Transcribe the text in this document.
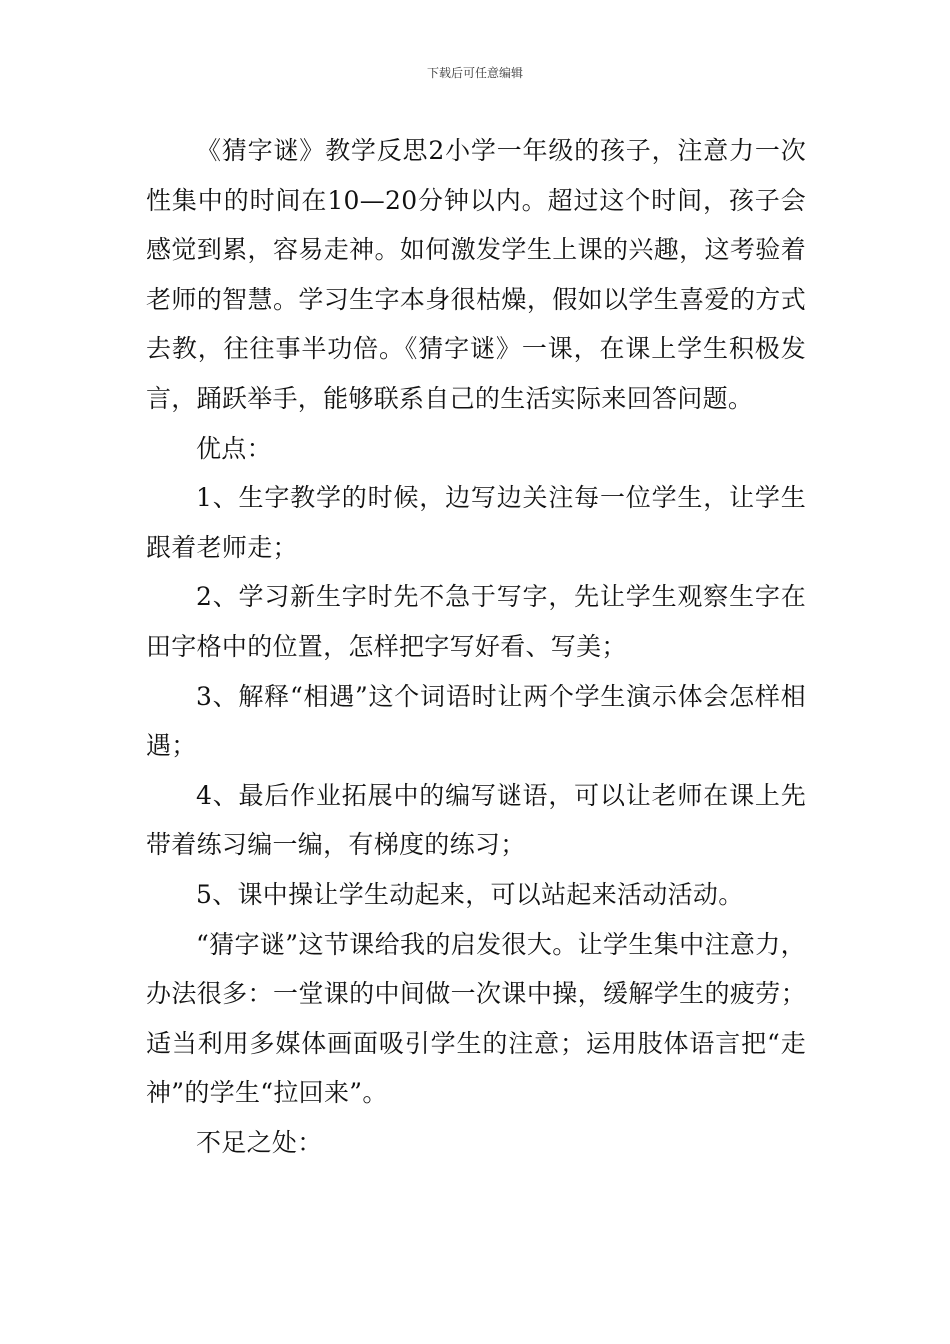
下载后可任意编辑

《猜字谜》教学反思2小学一年级的孩子，注意力一次性集中的时间在10—20分钟以内。超过这个时间，孩子会感觉到累，容易走神。如何激发学生上课的兴趣，这考验着老师的智慧。学习生字本身很枯燥，假如以学生喜爱的方式去教，往往事半功倍。《猜字谜》一课，在课上学生积极发言，踊跃举手，能够联系自己的生活实际来回答问题。

优点：

1、生字教学的时候，边写边关注每一位学生，让学生跟着老师走；

2、学习新生字时先不急于写字，先让学生观察生字在田字格中的位置，怎样把字写好看、写美；

3、解释“相遇”这个词语时让两个学生演示体会怎样相遇；

4、最后作业拓展中的编写谜语，可以让老师在课上先带着练习编一编，有梯度的练习；

5、课中操让学生动起来，可以站起来活动活动。

“猜字谜”这节课给我的启发很大。让学生集中注意力，办法很多：一堂课的中间做一次课中操，缓解学生的疲劳；适当利用多媒体画面吸引学生的注意；运用肢体语言把“走神”的学生“拉回来”。

不足之处：
